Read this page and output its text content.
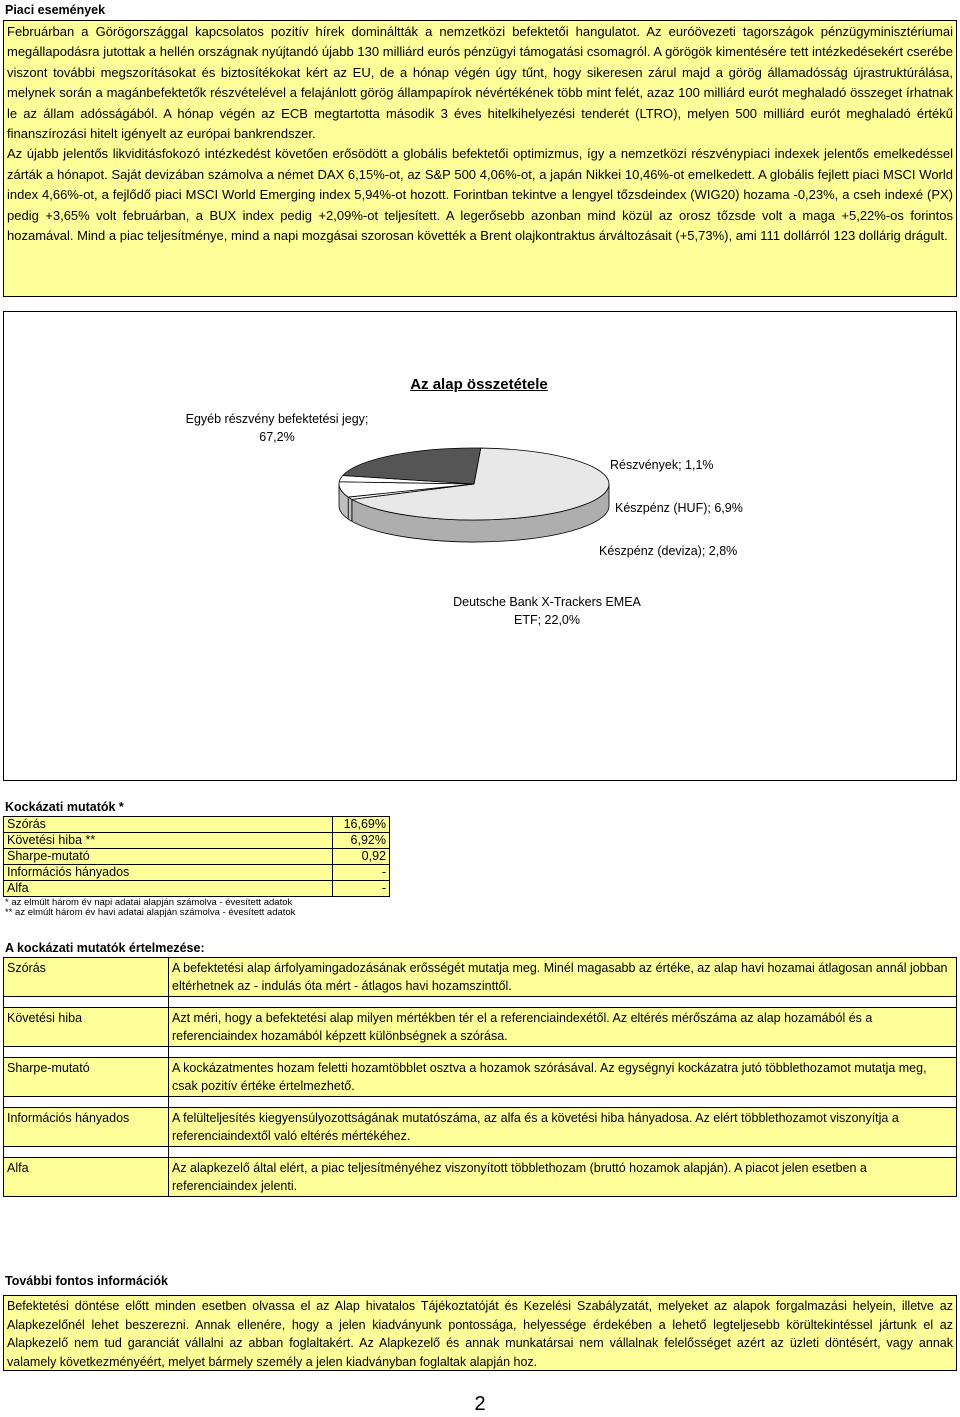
Piaci események

Februárban a Görögországgal kapcsolatos pozitív hírek domináltták a nemzetközi befektetői hangulatot. Az euróövezeti tagországok pénzügyminisztériumai megállapodásra jutottak a hellén országnak nyújtandó újabb 130 milliárd eurós pénzügyi támogatási csomagról. A görögök kimentésére tett intézkedésekért cserébe viszont további megszorításokat és biztosítékokat kért az EU, de a hónap végén úgy tűnt, hogy sikeresen zárul majd a görög államadósság újrastruktúrálása, melynek során a magánbefektetők részvételével a felajánlott görög állampapírok névértékének több mint felét, azaz 100 milliárd eurót meghaladó összeget írhatnak le az állam adósságából. A hónap végén az ECB megtartotta második 3 éves hitelkihelyezési tenderét (LTRO), melyen 500 milliárd eurót meghaladó értékű finanszírozási hitelt igényelt az európai bankrendszer.

Az újabb jelentős likviditásfokozó intézkedést követően erősödött a globális befektetői optimizmus, így a nemzetközi részvénypiaci indexek jelentős emelkedéssel zárták a hónapot. Saját devizában számolva a német DAX 6,15%-ot, az S&P 500 4,06%-ot, a japán Nikkei 10,46%-ot emelkedett. A globális fejlett piaci MSCI World index 4,66%-ot, a fejlődő piaci MSCI World Emerging index 5,94%-ot hozott. Forintban tekintve a lengyel tőzsdeindex (WIG20) hozama -0,23%, a cseh indexé (PX) pedig +3,65% volt februárban, a BUX index pedig +2,09%-ot teljesített. A legerősebb azonban mind közül az orosz tőzsde volt a maga +5,22%-os forintos hozamával. Mind a piac teljesítménye, mind a napi mozgásai szorosan követték a Brent olajkontraktus árváltozásait (+5,73%), ami 111 dollárról 123 dollárig drágult.

Egyéb részvény befektetési jegy;
67,2%
Részvények; 1,1%
Készpénz (HUF); 6,9%
Készpénz (deviza); 2,8%
Deutsche Bank X-Trackers EMEA
ETF; 22,0%
Az alap összetétele
Kockázati mutatók *
Szórás	16,69%
Követési hiba **	6,92%
Sharpe-mutató	0,92
Információs hányados	-
Alfa	-
* az elmúlt három év napi adatai alapján számolva - évesített adatok
** az elmúlt három év havi adatai alapján számolva - évesített adatok
A kockázati mutatók értelmezése:
Szórás	A befektetési alap árfolyamingadozásának erősségét mutatja meg. Minél magasabb az értéke, az alap havi hozamai átlagosan annál jobban eltérhetnek az - indulás óta mért - átlagos havi hozamszinttől.

Követési hiba	Azt méri, hogy a befektetési alap milyen mértékben tér el a referenciaindexétől. Az eltérés mérőszáma az alap hozamából és a referenciaindex hozamából képzett különbségnek a szórása.

Sharpe-mutató	A kockázatmentes hozam feletti hozamtöbblet osztva a hozamok szórásával. Az egységnyi kockázatra jutó többlethozamot mutatja meg, csak pozitív értéke értelmezhető.

Információs hányados	A felülteljesítés kiegyensúlyozottságának mutatószáma, az alfa és a követési hiba hányadosa. Az elért többlethozamot viszonyítja a referenciaindextől való eltérés mértékéhez.

Alfa	Az alapkezelő által elért, a piac teljesítményéhez viszonyított többlethozam (bruttó hozamok alapján). A piacot jelen esetben a referenciaindex jelenti.
További fontos információk

Befektetési döntése előtt minden esetben olvassa el az Alap hivatalos Tájékoztatóját és Kezelési Szabályzatát, melyeket az alapok forgalmazási helyein, illetve az Alapkezelőnél lehet beszerezni. Annak ellenére, hogy a jelen kiadványunk pontossága, helyessége érdekében a lehető legteljesebb körültekintéssel jártunk el az Alapkezelő nem tud garanciát vállalni az abban foglaltakért. Az Alapkezelő és annak munkatársai nem vállalnak felelősséget azért az üzleti döntésért, vagy annak valamely következményéért, melyet bármely személy a jelen kiadványban foglaltak alapján hoz.

2
